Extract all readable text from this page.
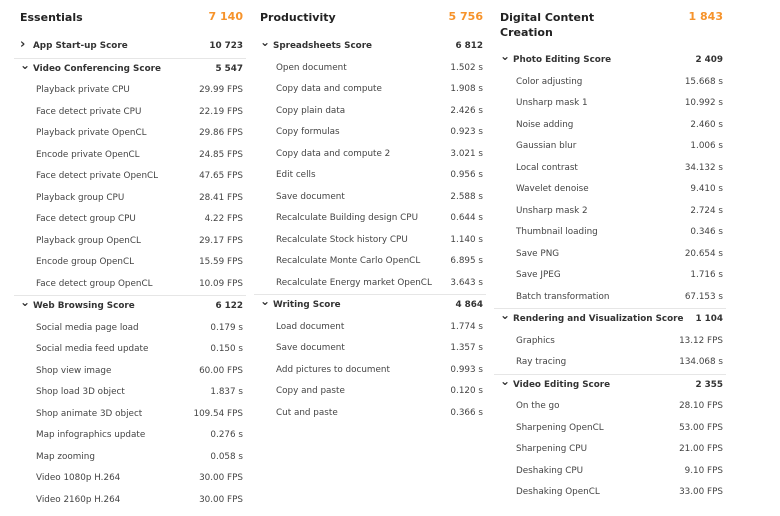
Essentials	7 140
› App Start-up Score	10 723
⌄ Video Conferencing Score	5 547
Playback private CPU	29.99 FPS
Face detect private CPU	22.19 FPS
Playback private OpenCL	29.86 FPS
Encode private OpenCL	24.85 FPS
Face detect private OpenCL	47.65 FPS
Playback group CPU	28.41 FPS
Face detect group CPU	4.22 FPS
Playback group OpenCL	29.17 FPS
Encode group OpenCL	15.59 FPS
Face detect group OpenCL	10.09 FPS
⌄ Web Browsing Score	6 122
Social media page load	0.179 s
Social media feed update	0.150 s
Shop view image	60.00 FPS
Shop load 3D object	1.837 s
Shop animate 3D object	109.54 FPS
Map infographics update	0.276 s
Map zooming	0.058 s
Video 1080p H.264	30.00 FPS
Video 2160p H.264	30.00 FPS
Productivity	5 756
⌄ Spreadsheets Score	6 812
Open document	1.502 s
Copy data and compute	1.908 s
Copy plain data	2.426 s
Copy formulas	0.923 s
Copy data and compute 2	3.021 s
Edit cells	0.956 s
Save document	2.588 s
Recalculate Building design CPU	0.644 s
Recalculate Stock history CPU	1.140 s
Recalculate Monte Carlo OpenCL	6.895 s
Recalculate Energy market OpenCL 3.643 s
⌄ Writing Score	4 864
Load document	1.774 s
Save document	1.357 s
Add pictures to document	0.993 s
Copy and paste	0.120 s
Cut and paste	0.366 s
Digital Content Creation
1 843
⌄ Photo Editing Score	2 409
Color adjusting	15.668 s
Unsharp mask 1	10.992 s
Noise adding	2.460 s
Gaussian blur	1.006 s
Local contrast	34.132 s
Wavelet denoise	9.410 s
Unsharp mask 2	2.724 s
Thumbnail loading	0.346 s
Save PNG	20.654 s
Save JPEG	1.716 s
Batch transformation	67.153 s
⌄ Rendering and Visualization Score 1 104
Graphics	13.12 FPS
Ray tracing	134.068 s
⌄ Video Editing Score	2 355
On the go	28.10 FPS
Sharpening OpenCL	53.00 FPS
Sharpening CPU	21.00 FPS
Deshaking CPU	9.10 FPS
Deshaking OpenCL	33.00 FPS
